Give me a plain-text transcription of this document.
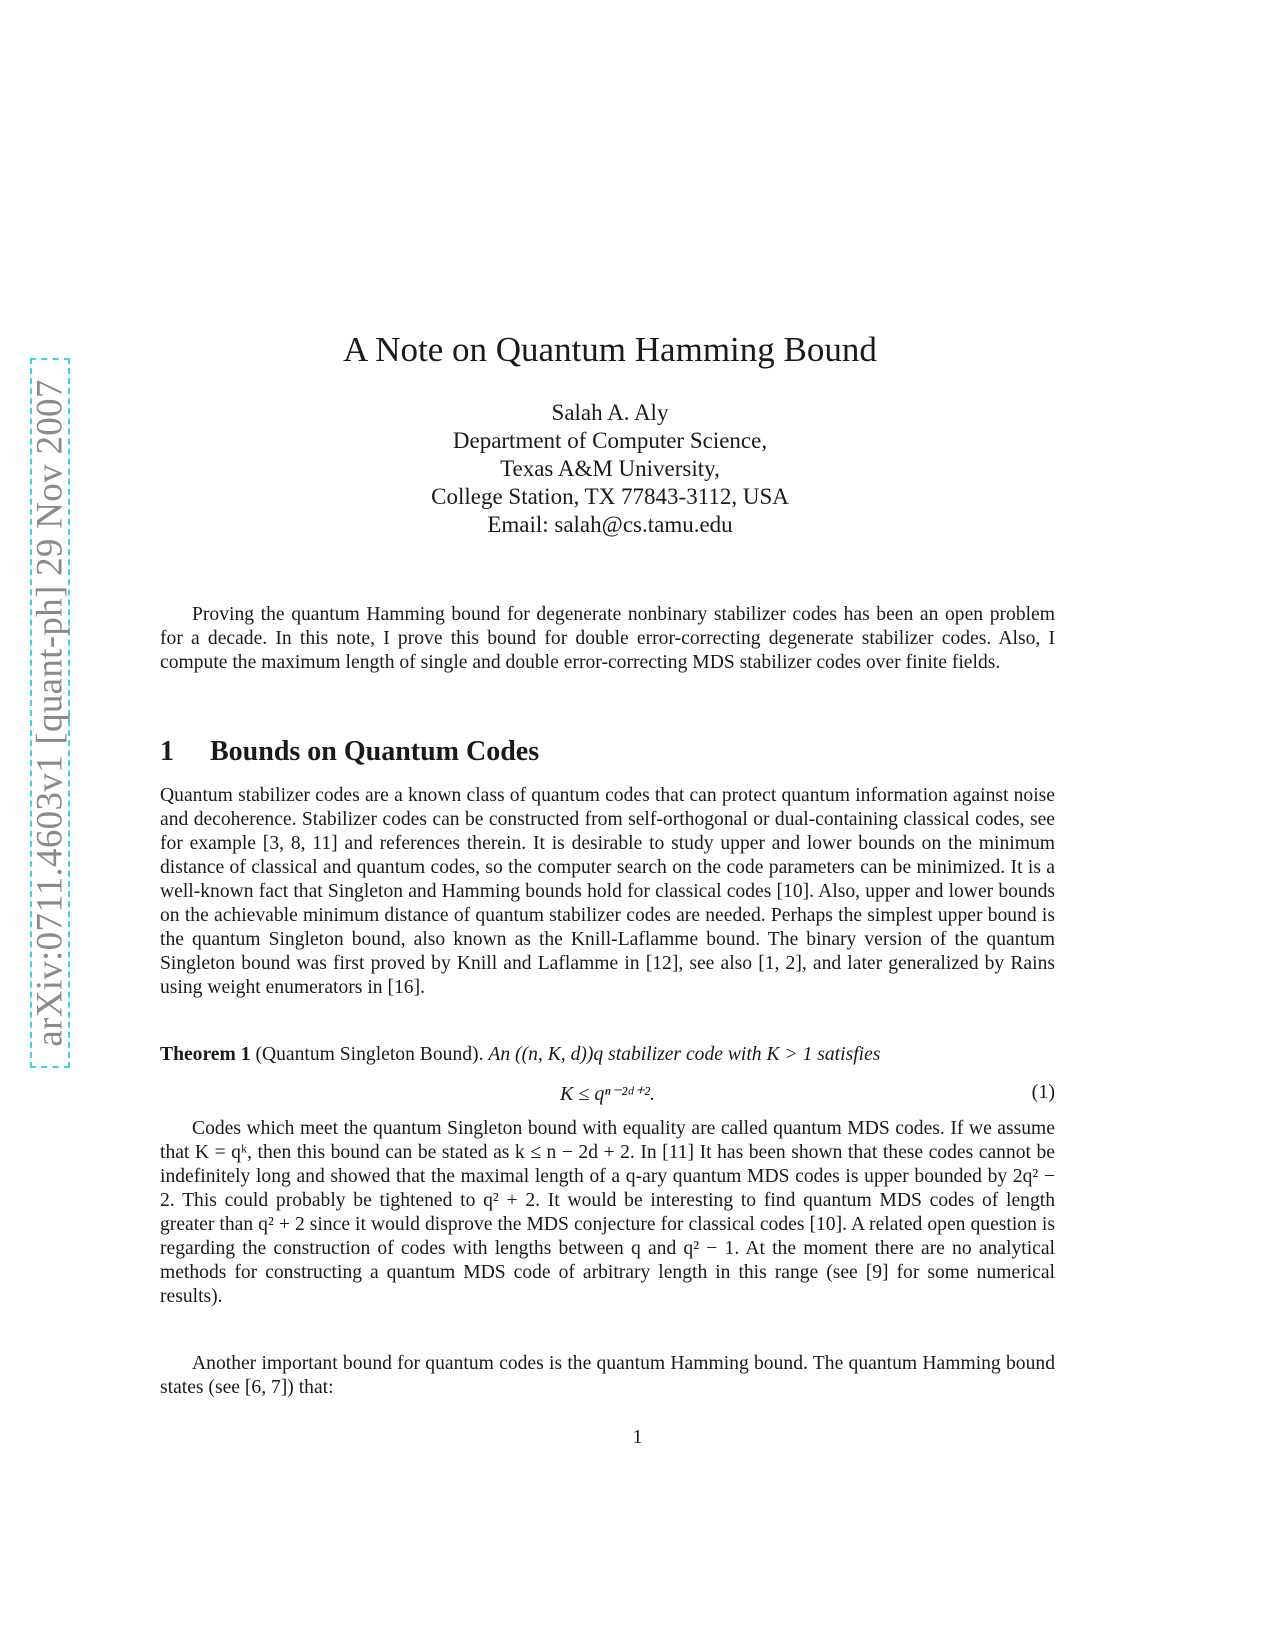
arXiv:0711.4603v1 [quant-ph] 29 Nov 2007
A Note on Quantum Hamming Bound
Salah A. Aly
Department of Computer Science,
Texas A&M University,
College Station, TX 77843-3112, USA
Email: salah@cs.tamu.edu
Proving the quantum Hamming bound for degenerate nonbinary stabilizer codes has been an open problem for a decade. In this note, I prove this bound for double error-correcting degenerate stabilizer codes. Also, I compute the maximum length of single and double error-correcting MDS stabilizer codes over finite fields.
1 Bounds on Quantum Codes
Quantum stabilizer codes are a known class of quantum codes that can protect quantum information against noise and decoherence. Stabilizer codes can be constructed from self-orthogonal or dual-containing classical codes, see for example [3, 8, 11] and references therein. It is desirable to study upper and lower bounds on the minimum distance of classical and quantum codes, so the computer search on the code parameters can be minimized. It is a well-known fact that Singleton and Hamming bounds hold for classical codes [10]. Also, upper and lower bounds on the achievable minimum distance of quantum stabilizer codes are needed. Perhaps the simplest upper bound is the quantum Singleton bound, also known as the Knill-Laflamme bound. The binary version of the quantum Singleton bound was first proved by Knill and Laflamme in [12], see also [1, 2], and later generalized by Rains using weight enumerators in [16].
Theorem 1 (Quantum Singleton Bound). An ((n, K, d))q stabilizer code with K > 1 satisfies
K ≤ qⁿ⁻²ᵈ⁺².	(1)
Codes which meet the quantum Singleton bound with equality are called quantum MDS codes. If we assume that K = qᵏ, then this bound can be stated as k ≤ n − 2d + 2. In [11] It has been shown that these codes cannot be indefinitely long and showed that the maximal length of a q-ary quantum MDS codes is upper bounded by 2q² − 2. This could probably be tightened to q² + 2. It would be interesting to find quantum MDS codes of length greater than q² + 2 since it would disprove the MDS conjecture for classical codes [10]. A related open question is regarding the construction of codes with lengths between q and q² − 1. At the moment there are no analytical methods for constructing a quantum MDS code of arbitrary length in this range (see [9] for some numerical results).
Another important bound for quantum codes is the quantum Hamming bound. The quantum Hamming bound states (see [6, 7]) that:
1
